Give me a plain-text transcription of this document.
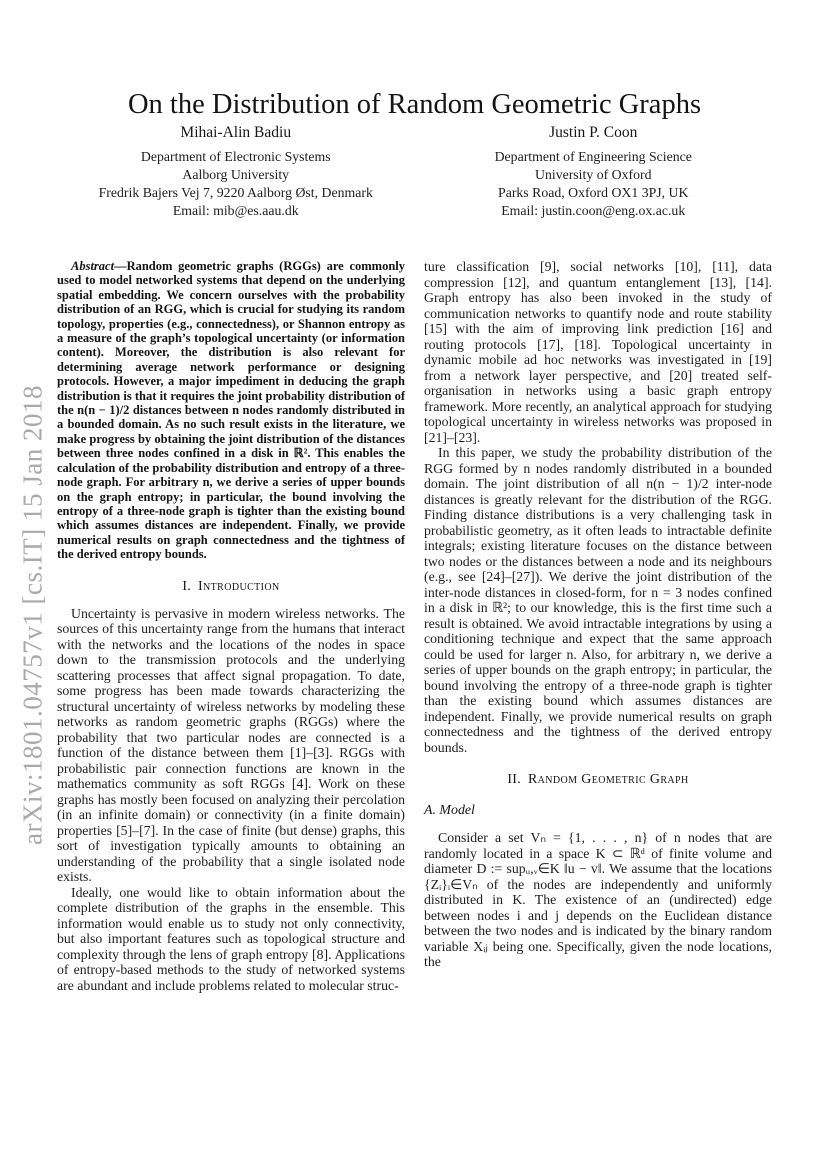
arXiv:1801.04757v1 [cs.IT] 15 Jan 2018
On the Distribution of Random Geometric Graphs
Mihai-Alin Badiu
Department of Electronic Systems
Aalborg University
Fredrik Bajers Vej 7, 9220 Aalborg Øst, Denmark
Email: mib@es.aau.dk
Justin P. Coon
Department of Engineering Science
University of Oxford
Parks Road, Oxford OX1 3PJ, UK
Email: justin.coon@eng.ox.ac.uk

Abstract—Random geometric graphs (RGGs) are commonly used to model networked systems that depend on the underlying spatial embedding. We concern ourselves with the probability distribution of an RGG, which is crucial for studying its random topology, properties (e.g., connectedness), or Shannon entropy as a measure of the graph’s topological uncertainty (or information content). Moreover, the distribution is also relevant for determining average network performance or designing protocols. However, a major impediment in deducing the graph distribution is that it requires the joint probability distribution of the n(n − 1)/2 distances between n nodes randomly distributed in a bounded domain. As no such result exists in the literature, we make progress by obtaining the joint distribution of the distances between three nodes confined in a disk in ℝ². This enables the calculation of the probability distribution and entropy of a three-node graph. For arbitrary n, we derive a series of upper bounds on the graph entropy; in particular, the bound involving the entropy of a three-node graph is tighter than the existing bound which assumes distances are independent. Finally, we provide numerical results on graph connectedness and the tightness of the derived entropy bounds.

I. Introduction

Uncertainty is pervasive in modern wireless networks. The sources of this uncertainty range from the humans that interact with the networks and the locations of the nodes in space down to the transmission protocols and the underlying scattering processes that affect signal propagation. To date, some progress has been made towards characterizing the structural uncertainty of wireless networks by modeling these networks as random geometric graphs (RGGs) where the probability that two particular nodes are connected is a function of the distance between them [1]–[3]. RGGs with probabilistic pair connection functions are known in the mathematics community as soft RGGs [4]. Work on these graphs has mostly been focused on analyzing their percolation (in an infinite domain) or connectivity (in a finite domain) properties [5]–[7]. In the case of finite (but dense) graphs, this sort of investigation typically amounts to obtaining an understanding of the probability that a single isolated node exists.

Ideally, one would like to obtain information about the complete distribution of the graphs in the ensemble. This information would enable us to study not only connectivity, but also important features such as topological structure and complexity through the lens of graph entropy [8]. Applications of entropy-based methods to the study of networked systems are abundant and include problems related to molecular struc-

ture classification [9], social networks [10], [11], data compression [12], and quantum entanglement [13], [14]. Graph entropy has also been invoked in the study of communication networks to quantify node and route stability [15] with the aim of improving link prediction [16] and routing protocols [17], [18]. Topological uncertainty in dynamic mobile ad hoc networks was investigated in [19] from a network layer perspective, and [20] treated self-organisation in networks using a basic graph entropy framework. More recently, an analytical approach for studying topological uncertainty in wireless networks was proposed in [21]–[23].

In this paper, we study the probability distribution of the RGG formed by n nodes randomly distributed in a bounded domain. The joint distribution of all n(n − 1)/2 inter-node distances is greatly relevant for the distribution of the RGG. Finding distance distributions is a very challenging task in probabilistic geometry, as it often leads to intractable definite integrals; existing literature focuses on the distance between two nodes or the distances between a node and its neighbours (e.g., see [24]–[27]). We derive the joint distribution of the inter-node distances in closed-form, for n = 3 nodes confined in a disk in ℝ²; to our knowledge, this is the first time such a result is obtained. We avoid intractable integrations by using a conditioning technique and expect that the same approach could be used for larger n. Also, for arbitrary n, we derive a series of upper bounds on the graph entropy; in particular, the bound involving the entropy of a three-node graph is tighter than the existing bound which assumes distances are independent. Finally, we provide numerical results on graph connectedness and the tightness of the derived entropy bounds.

II. Random Geometric Graph
A. Model

Consider a set Vₙ = {1, . . . , n} of n nodes that are randomly located in a space K ⊂ ℝᵈ of finite volume and diameter D := supᵤ,ᵥ∈K ‖u − v‖. We assume that the locations {Zᵢ}ᵢ∈Vₙ of the nodes are independently and uniformly distributed in K. The existence of an (undirected) edge between nodes i and j depends on the Euclidean distance between the two nodes and is indicated by the binary random variable Xᵢⱼ being one. Specifically, given the node locations, the
